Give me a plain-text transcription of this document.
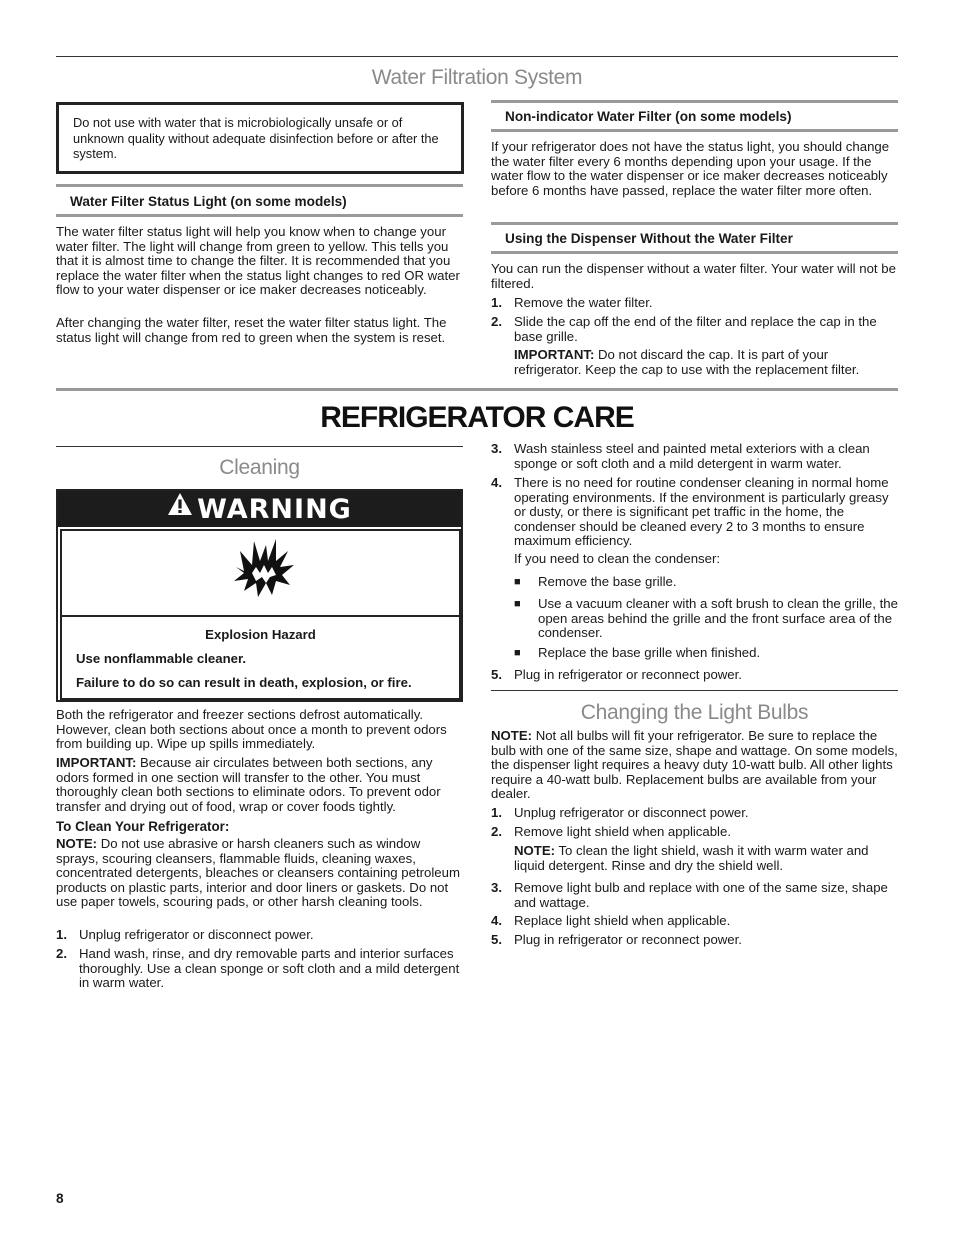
Water Filtration System

Do not use with water that is microbiologically unsafe or of unknown quality without adequate disinfection before or after the system.

Water Filter Status Light (on some models)

The water filter status light will help you know when to change your water filter. The light will change from green to yellow. This tells you that it is almost time to change the filter. It is recommended that you replace the water filter when the status light changes to red OR water flow to your water dispenser or ice maker decreases noticeably.

After changing the water filter, reset the water filter status light. The status light will change from red to green when the system is reset.

Non-indicator Water Filter (on some models)

If your refrigerator does not have the status light, you should change the water filter every 6 months depending upon your usage. If the water flow to the water dispenser or ice maker decreases noticeably before 6 months have passed, replace the water filter more often.

Using the Dispenser Without the Water Filter

You can run the dispenser without a water filter. Your water will not be filtered.

1. Remove the water filter.
2. Slide the cap off the end of the filter and replace the cap in the base grille.

IMPORTANT: Do not discard the cap. It is part of your refrigerator. Keep the cap to use with the replacement filter.

REFRIGERATOR CARE
Cleaning
WARNING
Explosion Hazard
Use nonflammable cleaner.
Failure to do so can result in death, explosion, or fire.

Both the refrigerator and freezer sections defrost automatically. However, clean both sections about once a month to prevent odors from building up. Wipe up spills immediately.

IMPORTANT: Because air circulates between both sections, any odors formed in one section will transfer to the other. You must thoroughly clean both sections to eliminate odors. To prevent odor transfer and drying out of food, wrap or cover foods tightly.

To Clean Your Refrigerator:

NOTE: Do not use abrasive or harsh cleaners such as window sprays, scouring cleansers, flammable fluids, cleaning waxes, concentrated detergents, bleaches or cleansers containing petroleum products on plastic parts, interior and door liners or gaskets. Do not use paper towels, scouring pads, or other harsh cleaning tools.

1. Unplug refrigerator or disconnect power.
2. Hand wash, rinse, and dry removable parts and interior surfaces thoroughly. Use a clean sponge or soft cloth and a mild detergent in warm water.
3. Wash stainless steel and painted metal exteriors with a clean sponge or soft cloth and a mild detergent in warm water.
4. There is no need for routine condenser cleaning in normal home operating environments. If the environment is particularly greasy or dusty, or there is significant pet traffic in the home, the condenser should be cleaned every 2 to 3 months to ensure maximum efficiency.

If you need to clean the condenser:

■ Remove the base grille.
■ Use a vacuum cleaner with a soft brush to clean the grille, the open areas behind the grille and the front surface area of the condenser.
■ Replace the base grille when finished.
5. Plug in refrigerator or reconnect power.
Changing the Light Bulbs

NOTE: Not all bulbs will fit your refrigerator. Be sure to replace the bulb with one of the same size, shape and wattage. On some models, the dispenser light requires a heavy duty 10-watt bulb. All other lights require a 40-watt bulb. Replacement bulbs are available from your dealer.

1. Unplug refrigerator or disconnect power.
2. Remove light shield when applicable.

NOTE: To clean the light shield, wash it with warm water and liquid detergent. Rinse and dry the shield well.

3. Remove light bulb and replace with one of the same size, shape and wattage.
4. Replace light shield when applicable.
5. Plug in refrigerator or reconnect power.
8
